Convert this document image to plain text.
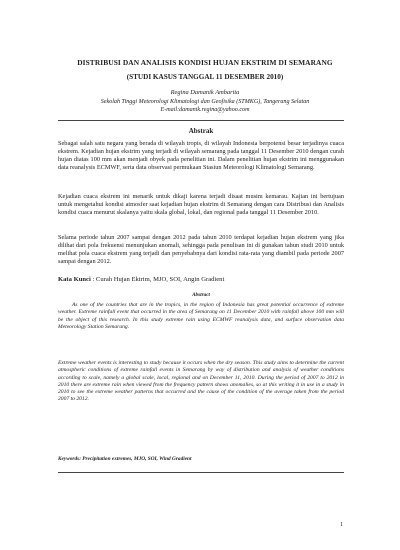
DISTRIBUSI DAN ANALISIS KONDISI HUJAN EKSTRIM DI SEMARANG
(STUDI KASUS TANGGAL 11 DESEMBER 2010)
Regina Damanik Ambarita
Sekolah Tinggi Meteorologi Klimatologi dan Geofisika (STMKG), Tangerang Selatan
E-mail:damanik.regina@yahoo.com
Abstrak

Sebagai salah satu negara yang berada di wilayah tropis, di wilayah Indonesia berpotensi besar terjadinya cuaca ekstrem. Kejadian hujan ekstrim yang terjadi di wilayah semarang pada tanggal 11 Desember 2010 dengan curah hujan diatas 100 mm akan menjadi obyek pada penelitian ini. Dalam penelitian hujan ekstrim ini menggunakan data reanalysis ECMWF, serta data observasi permukaan Stasiun Meteorologi Klimatologi Semarang.

Kejadian cuaca ekstrem ini menarik untuk dikaji karena terjadi disaat musim kemarau. Kajian ini bertujuan untuk mengetahui kondisi atmosfer saat kejadian hujan ekstrim di Semarang dengan cara Distribusi dan Analisis kondisi cuaca menurut skalanya yaitu skala global, lokal, dan regional pada tanggal 11 Desember 2010.

Selama periode tahun 2007 sampai dengan 2012 pada tahun 2010 terdapat kejadian hujan ekstrem yang jika dilihat dari pola frekuensi menunjukan anomali, sehingga pada penulisan ini di gunakan tahun studi 2010 untuk melihat pola cuaca ekstrem yang terjadi dan penyebabnya dari kondisi rata-rata yang diambil pada periode 2007 sampai dengan 2012.

Kata Kunci : Curah Hujan Ektrim, MJO, SOI, Angin Gradient
Abstract

As one of the countries that are in the tropics, in the region of Indonesia has great potential occurrence of extreme weather. Extreme rainfall event that occurred in the area of Semarang on 11 December 2010 with rainfall above 100 mm will be the object of this research. In this study extreme rain using ECMWF reanalysis data, and surface observation data Meteorology Station Semarang.

Extreme weather events is interesting to study because it occurs when the dry season. This study aims to determine the current atmospheric conditions of extreme rainfall events in Semarang by way of distribution and analysis of weather conditions according to scale, namely a global scale, local, regional and on December 11, 2010. During the period of 2007 to 2012 in 2010 there are extreme rain when viewed from the frequency pattern shows anomalies, so at this writing it in use in a study in 2010 to see the extreme weather patterns that occurred and the cause of the condition of the average taken from the period 2007 to 2012.

Keywords: Precipitation extremes, MJO, SOI, Wind Gradient
1
